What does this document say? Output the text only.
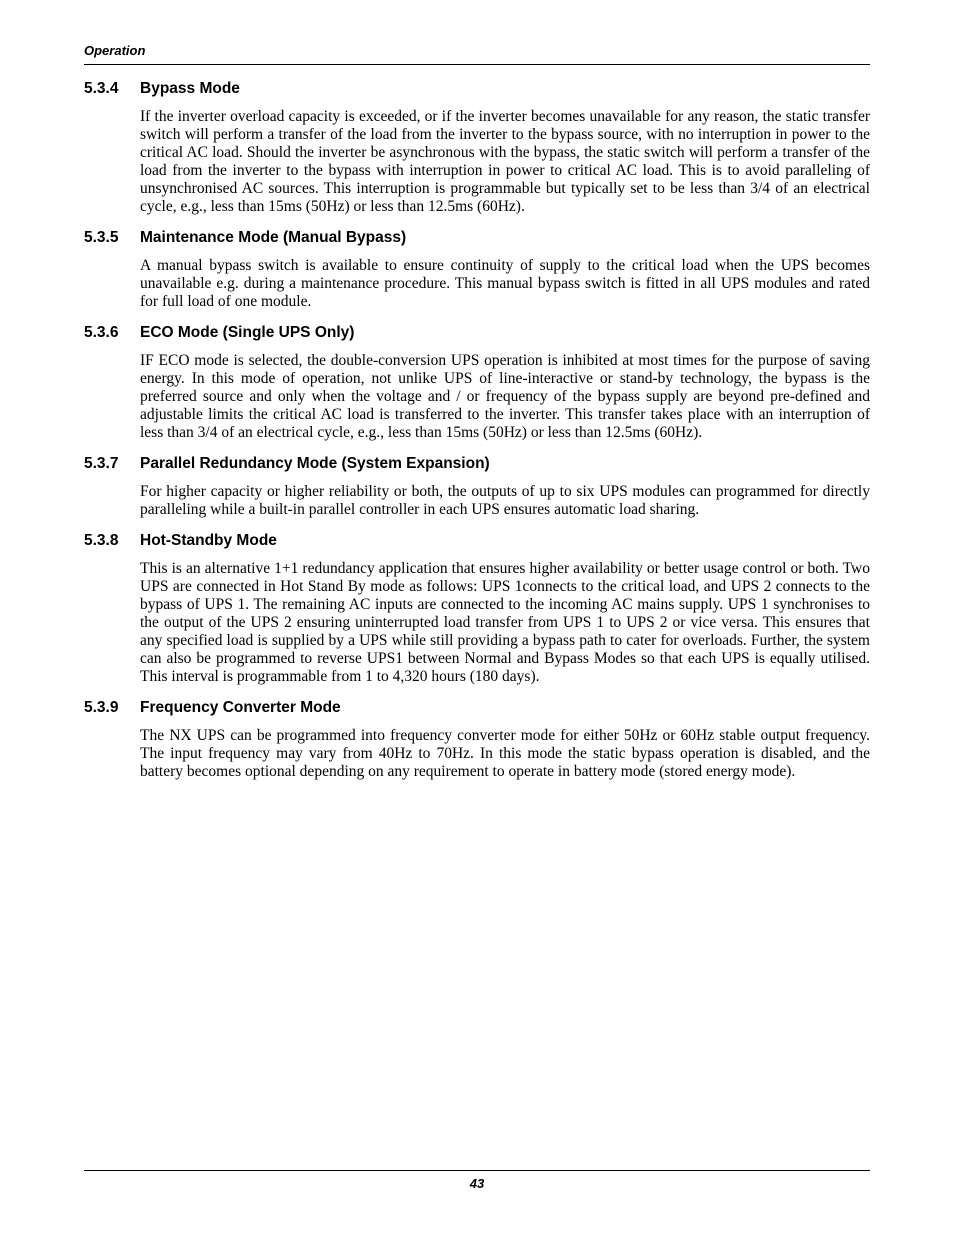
Operation
5.3.4	Bypass Mode

If the inverter overload capacity is exceeded, or if the inverter becomes unavailable for any reason, the static transfer switch will perform a transfer of the load from the inverter to the bypass source, with no interruption in power to the critical AC load. Should the inverter be asynchronous with the bypass, the static switch will perform a transfer of the load from the inverter to the bypass with interruption in power to critical AC load. This is to avoid paralleling of unsynchronised AC sources. This interruption is programmable but typically set to be less than 3/4 of an electrical cycle, e.g., less than 15ms (50Hz) or less than 12.5ms (60Hz).

5.3.5	Maintenance Mode (Manual Bypass)

A manual bypass switch is available to ensure continuity of supply to the critical load when the UPS becomes unavailable e.g. during a maintenance procedure. This manual bypass switch is fitted in all UPS modules and rated for full load of one module.

5.3.6	ECO Mode (Single UPS Only)

IF ECO mode is selected, the double-conversion UPS operation is inhibited at most times for the purpose of saving energy. In this mode of operation, not unlike UPS of line-interactive or stand-by technology, the bypass is the preferred source and only when the voltage and / or frequency of the bypass supply are beyond pre-defined and adjustable limits the critical AC load is transferred to the inverter. This transfer takes place with an interruption of less than 3/4 of an electrical cycle, e.g., less than 15ms (50Hz) or less than 12.5ms (60Hz).

5.3.7	Parallel Redundancy Mode (System Expansion)

For higher capacity or higher reliability or both, the outputs of up to six UPS modules can programmed for directly paralleling while a built-in parallel controller in each UPS ensures automatic load sharing.

5.3.8	Hot-Standby Mode

This is an alternative 1+1 redundancy application that ensures higher availability or better usage control or both. Two UPS are connected in Hot Stand By mode as follows: UPS 1connects to the critical load, and UPS 2 connects to the bypass of UPS 1. The remaining AC inputs are connected to the incoming AC mains supply. UPS 1 synchronises to the output of the UPS 2 ensuring uninterrupted load transfer from UPS 1 to UPS 2 or vice versa. This ensures that any specified load is supplied by a UPS while still providing a bypass path to cater for overloads. Further, the system can also be programmed to reverse UPS1 between Normal and Bypass Modes so that each UPS is equally utilised. This interval is programmable from 1 to 4,320 hours (180 days).

5.3.9	Frequency Converter Mode

The NX UPS can be programmed into frequency converter mode for either 50Hz or 60Hz stable output frequency. The input frequency may vary from 40Hz to 70Hz. In this mode the static bypass operation is disabled, and the battery becomes optional depending on any requirement to operate in battery mode (stored energy mode).

43
